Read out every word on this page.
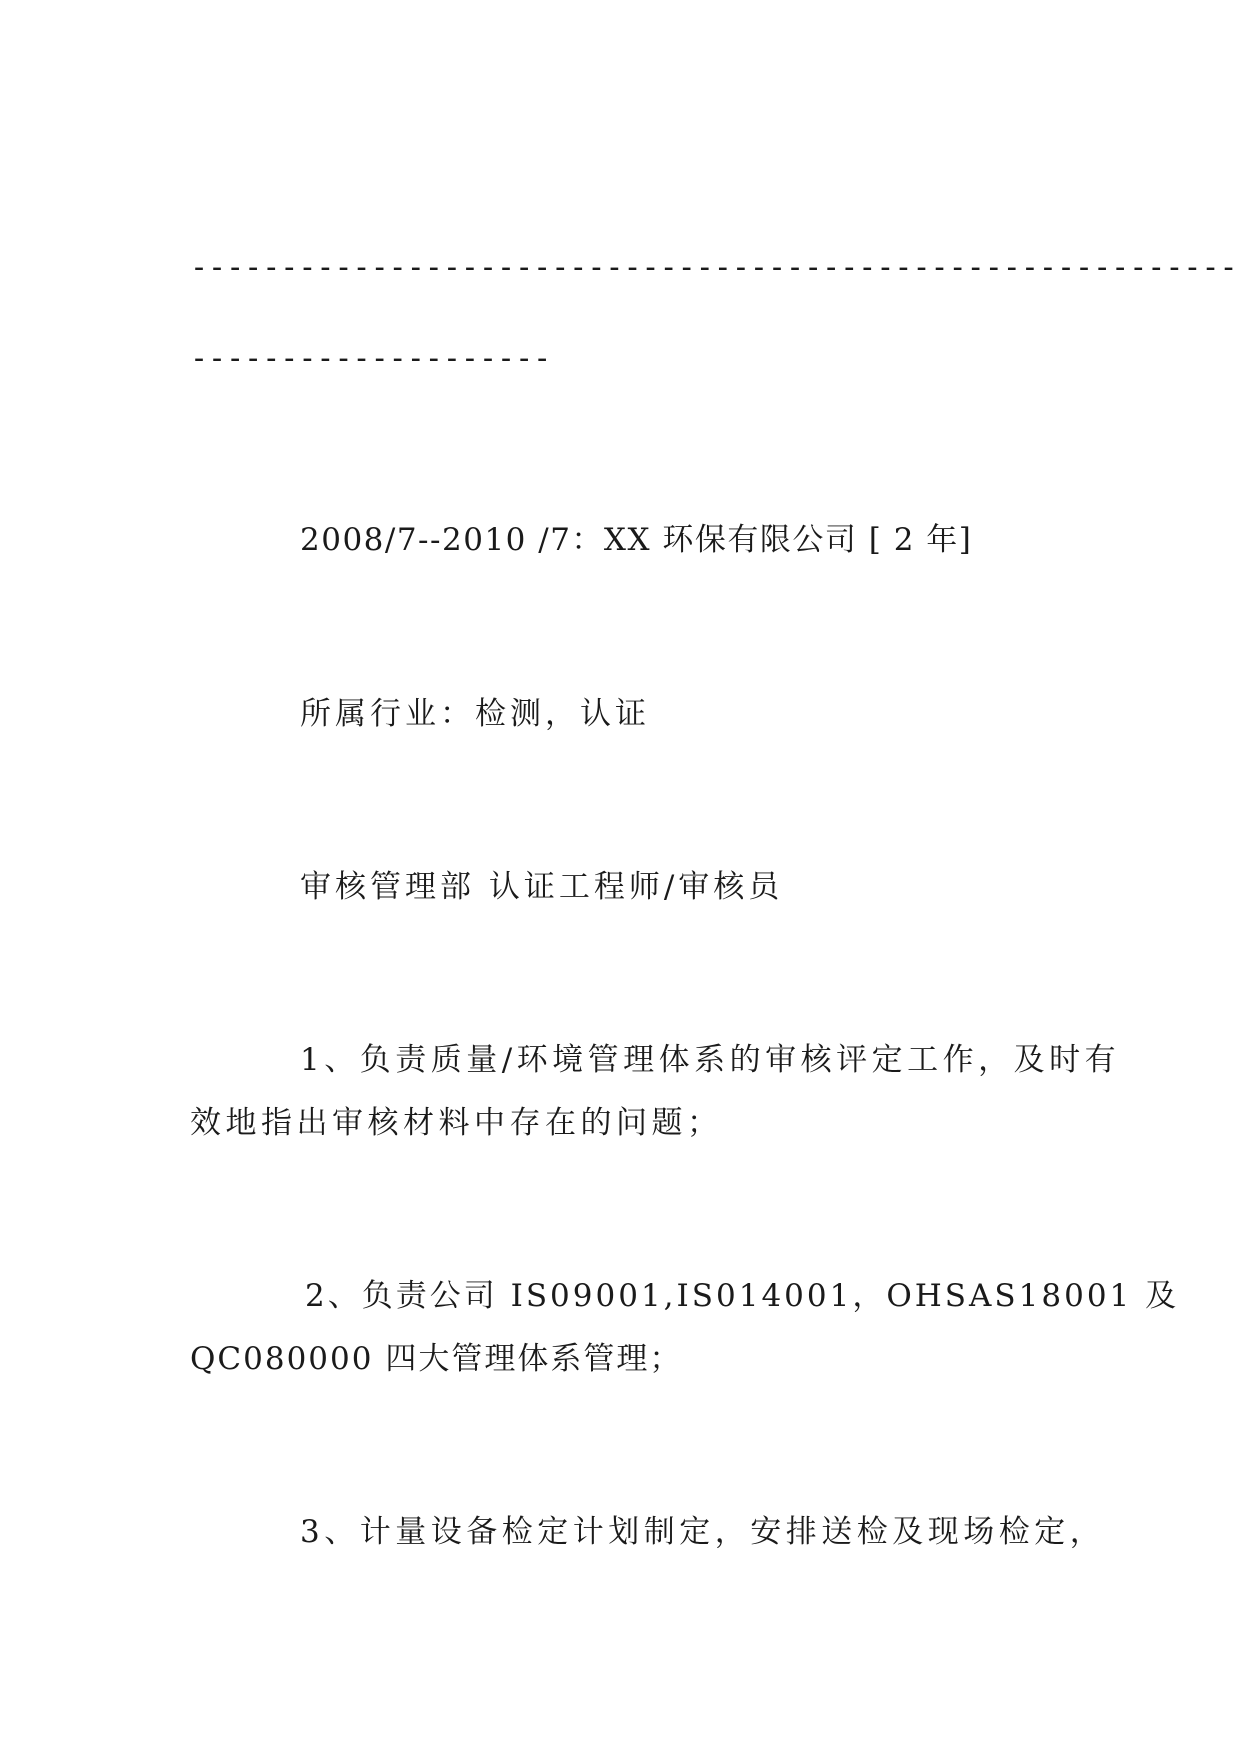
----------------------------------------------------------
--------------------
2008/7--2010 /7：XX 环保有限公司 [ 2 年]
所属行业：检测，认证
审核管理部 认证工程师/审核员
1、负责质量/环境管理体系的审核评定工作，及时有
效地指出审核材料中存在的问题；
2、负责公司 IS09001,IS014001，OHSAS18001 及
QC080000 四大管理体系管理；
3、计量设备检定计划制定，安排送检及现场检定，
